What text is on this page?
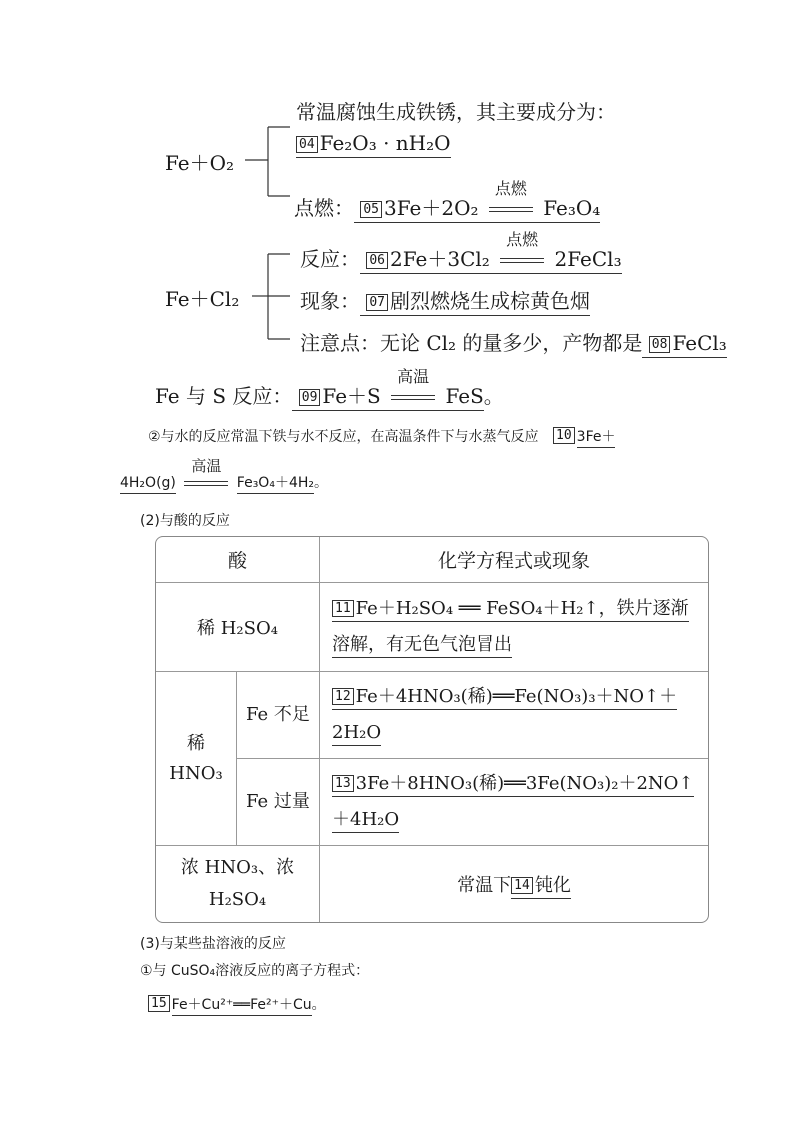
Fe＋O₂
常温腐蚀生成铁锈，其主要成分为：
04 Fe₂O₃ · nH₂O
点燃： 05 3Fe＋2O₂
点燃
Fe₃O₄
Fe＋Cl₂
反应： 06 2Fe＋3Cl₂
点燃
2FeCl₃
现象： 07 剧烈燃烧生成棕黄色烟
注意点：无论 Cl₂ 的量多少，产物都是 08 FeCl₃
Fe 与 S 反应： 09 Fe＋S
高温
FeS。
②与水的反应常温下铁与水不反应，在高温条件下与水蒸气反应 10 3Fe＋
4H₂O(g)
高温
Fe₃O₄＋4H₂。
(2)与酸的反应
酸		化学方程式或现象
稀 H₂SO₄		11 Fe＋H₂SO₄ ══ FeSO₄＋H₂↑，铁片逐渐溶解，有无色气泡冒出
稀 HNO₃	Fe 不足	12 Fe＋4HNO₃(稀)══Fe(NO₃)₃＋NO↑＋2H₂O
	Fe 过量	13 3Fe＋8HNO₃(稀)══3Fe(NO₃)₂＋2NO↑＋4H₂O
浓 HNO₃、浓 H₂SO₄		常温下 14 钝化
(3)与某些盐溶液的反应
①与 CuSO₄溶液反应的离子方程式：
15 Fe＋Cu²⁺══Fe²⁺＋Cu。
